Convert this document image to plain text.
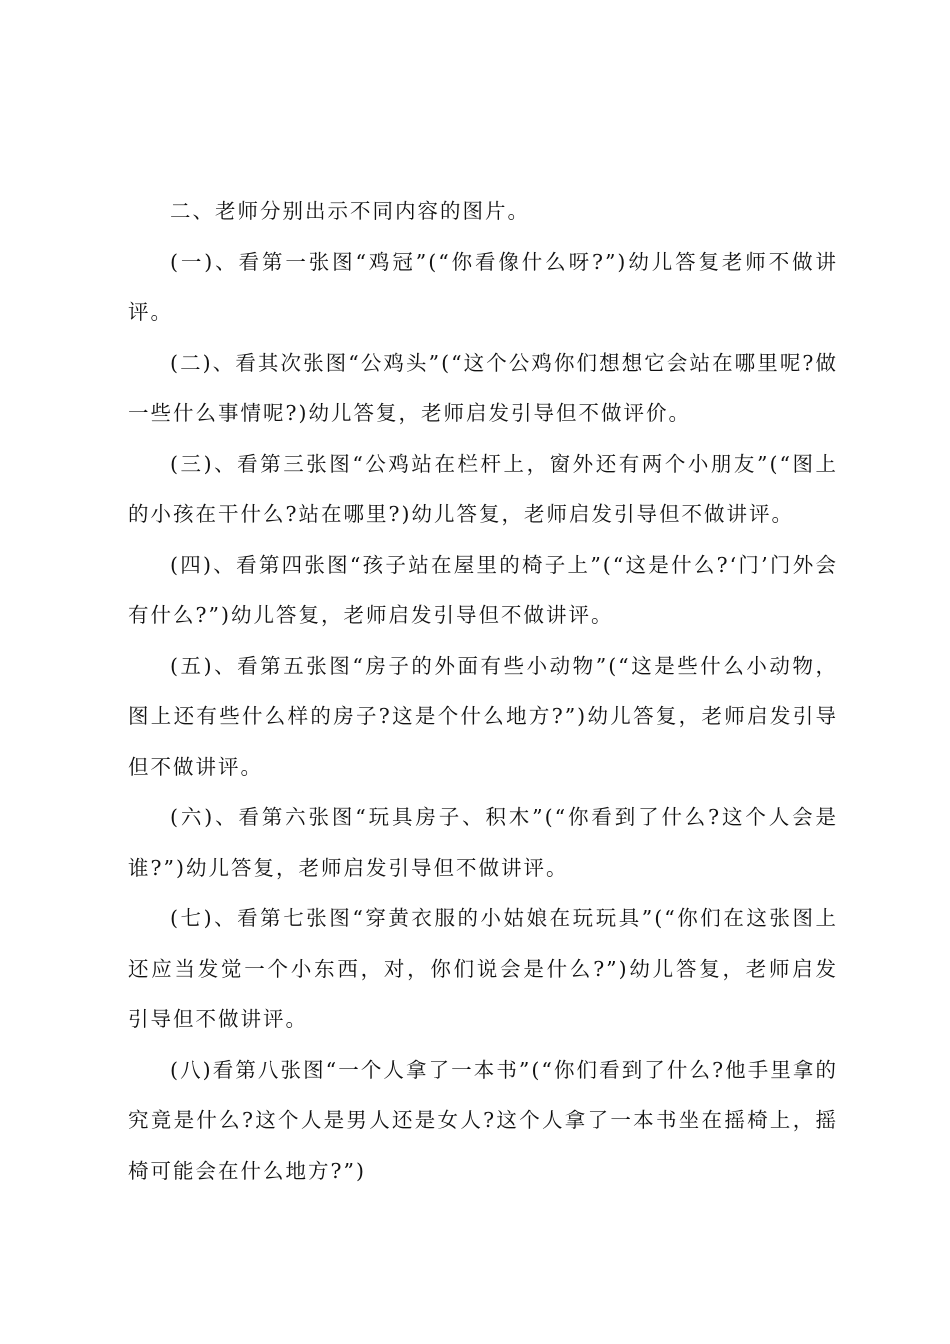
二、老师分别出示不同内容的图片。

(一)、看第一张图“鸡冠”(“你看像什么呀?”)幼儿答复老师不做讲评。

(二)、看其次张图“公鸡头”(“这个公鸡你们想想它会站在哪里呢?做一些什么事情呢?)幼儿答复，老师启发引导但不做评价。

(三)、看第三张图“公鸡站在栏杆上，窗外还有两个小朋友”(“图上的小孩在干什么?站在哪里?)幼儿答复，老师启发引导但不做讲评。

(四)、看第四张图“孩子站在屋里的椅子上”(“这是什么?‘门’门外会有什么?”)幼儿答复，老师启发引导但不做讲评。

(五)、看第五张图“房子的外面有些小动物”(“这是些什么小动物，图上还有些什么样的房子?这是个什么地方?”)幼儿答复，老师启发引导但不做讲评。

(六)、看第六张图“玩具房子、积木”(“你看到了什么?这个人会是谁?”)幼儿答复，老师启发引导但不做讲评。

(七)、看第七张图“穿黄衣服的小姑娘在玩玩具”(“你们在这张图上还应当发觉一个小东西，对，你们说会是什么?”)幼儿答复，老师启发引导但不做讲评。

(八)看第八张图“一个人拿了一本书”(“你们看到了什么?他手里拿的究竟是什么?这个人是男人还是女人?这个人拿了一本书坐在摇椅上，摇椅可能会在什么地方?”)
